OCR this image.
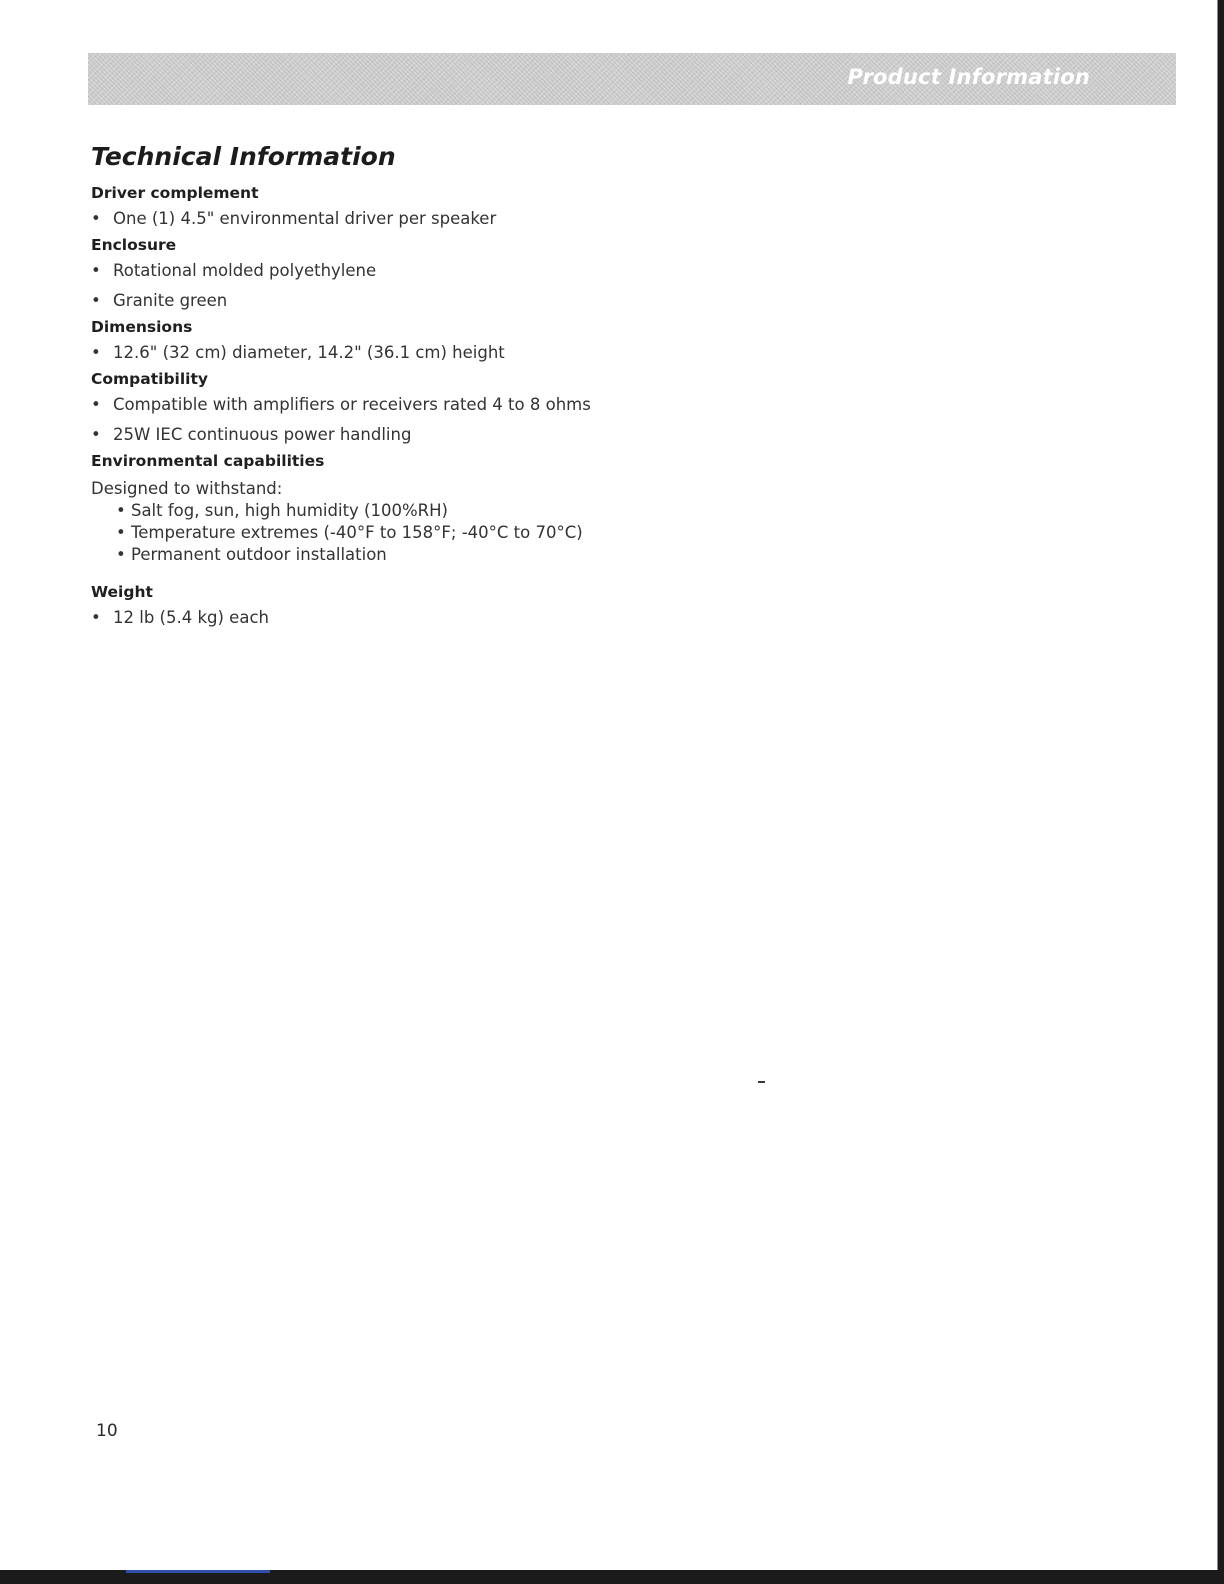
Product Information
Technical Information
Driver complement
• One (1) 4.5" environmental driver per speaker
Enclosure
• Rotational molded polyethylene
• Granite green
Dimensions
• 12.6" (32 cm) diameter, 14.2" (36.1 cm) height
Compatibility
• Compatible with amplifiers or receivers rated 4 to 8 ohms
• 25W IEC continuous power handling
Environmental capabilities
Designed to withstand:
• Salt fog, sun, high humidity (100%RH)
• Temperature extremes (-40°F to 158°F; -40°C to 70°C)
• Permanent outdoor installation
Weight
• 12 lb (5.4 kg) each
10
